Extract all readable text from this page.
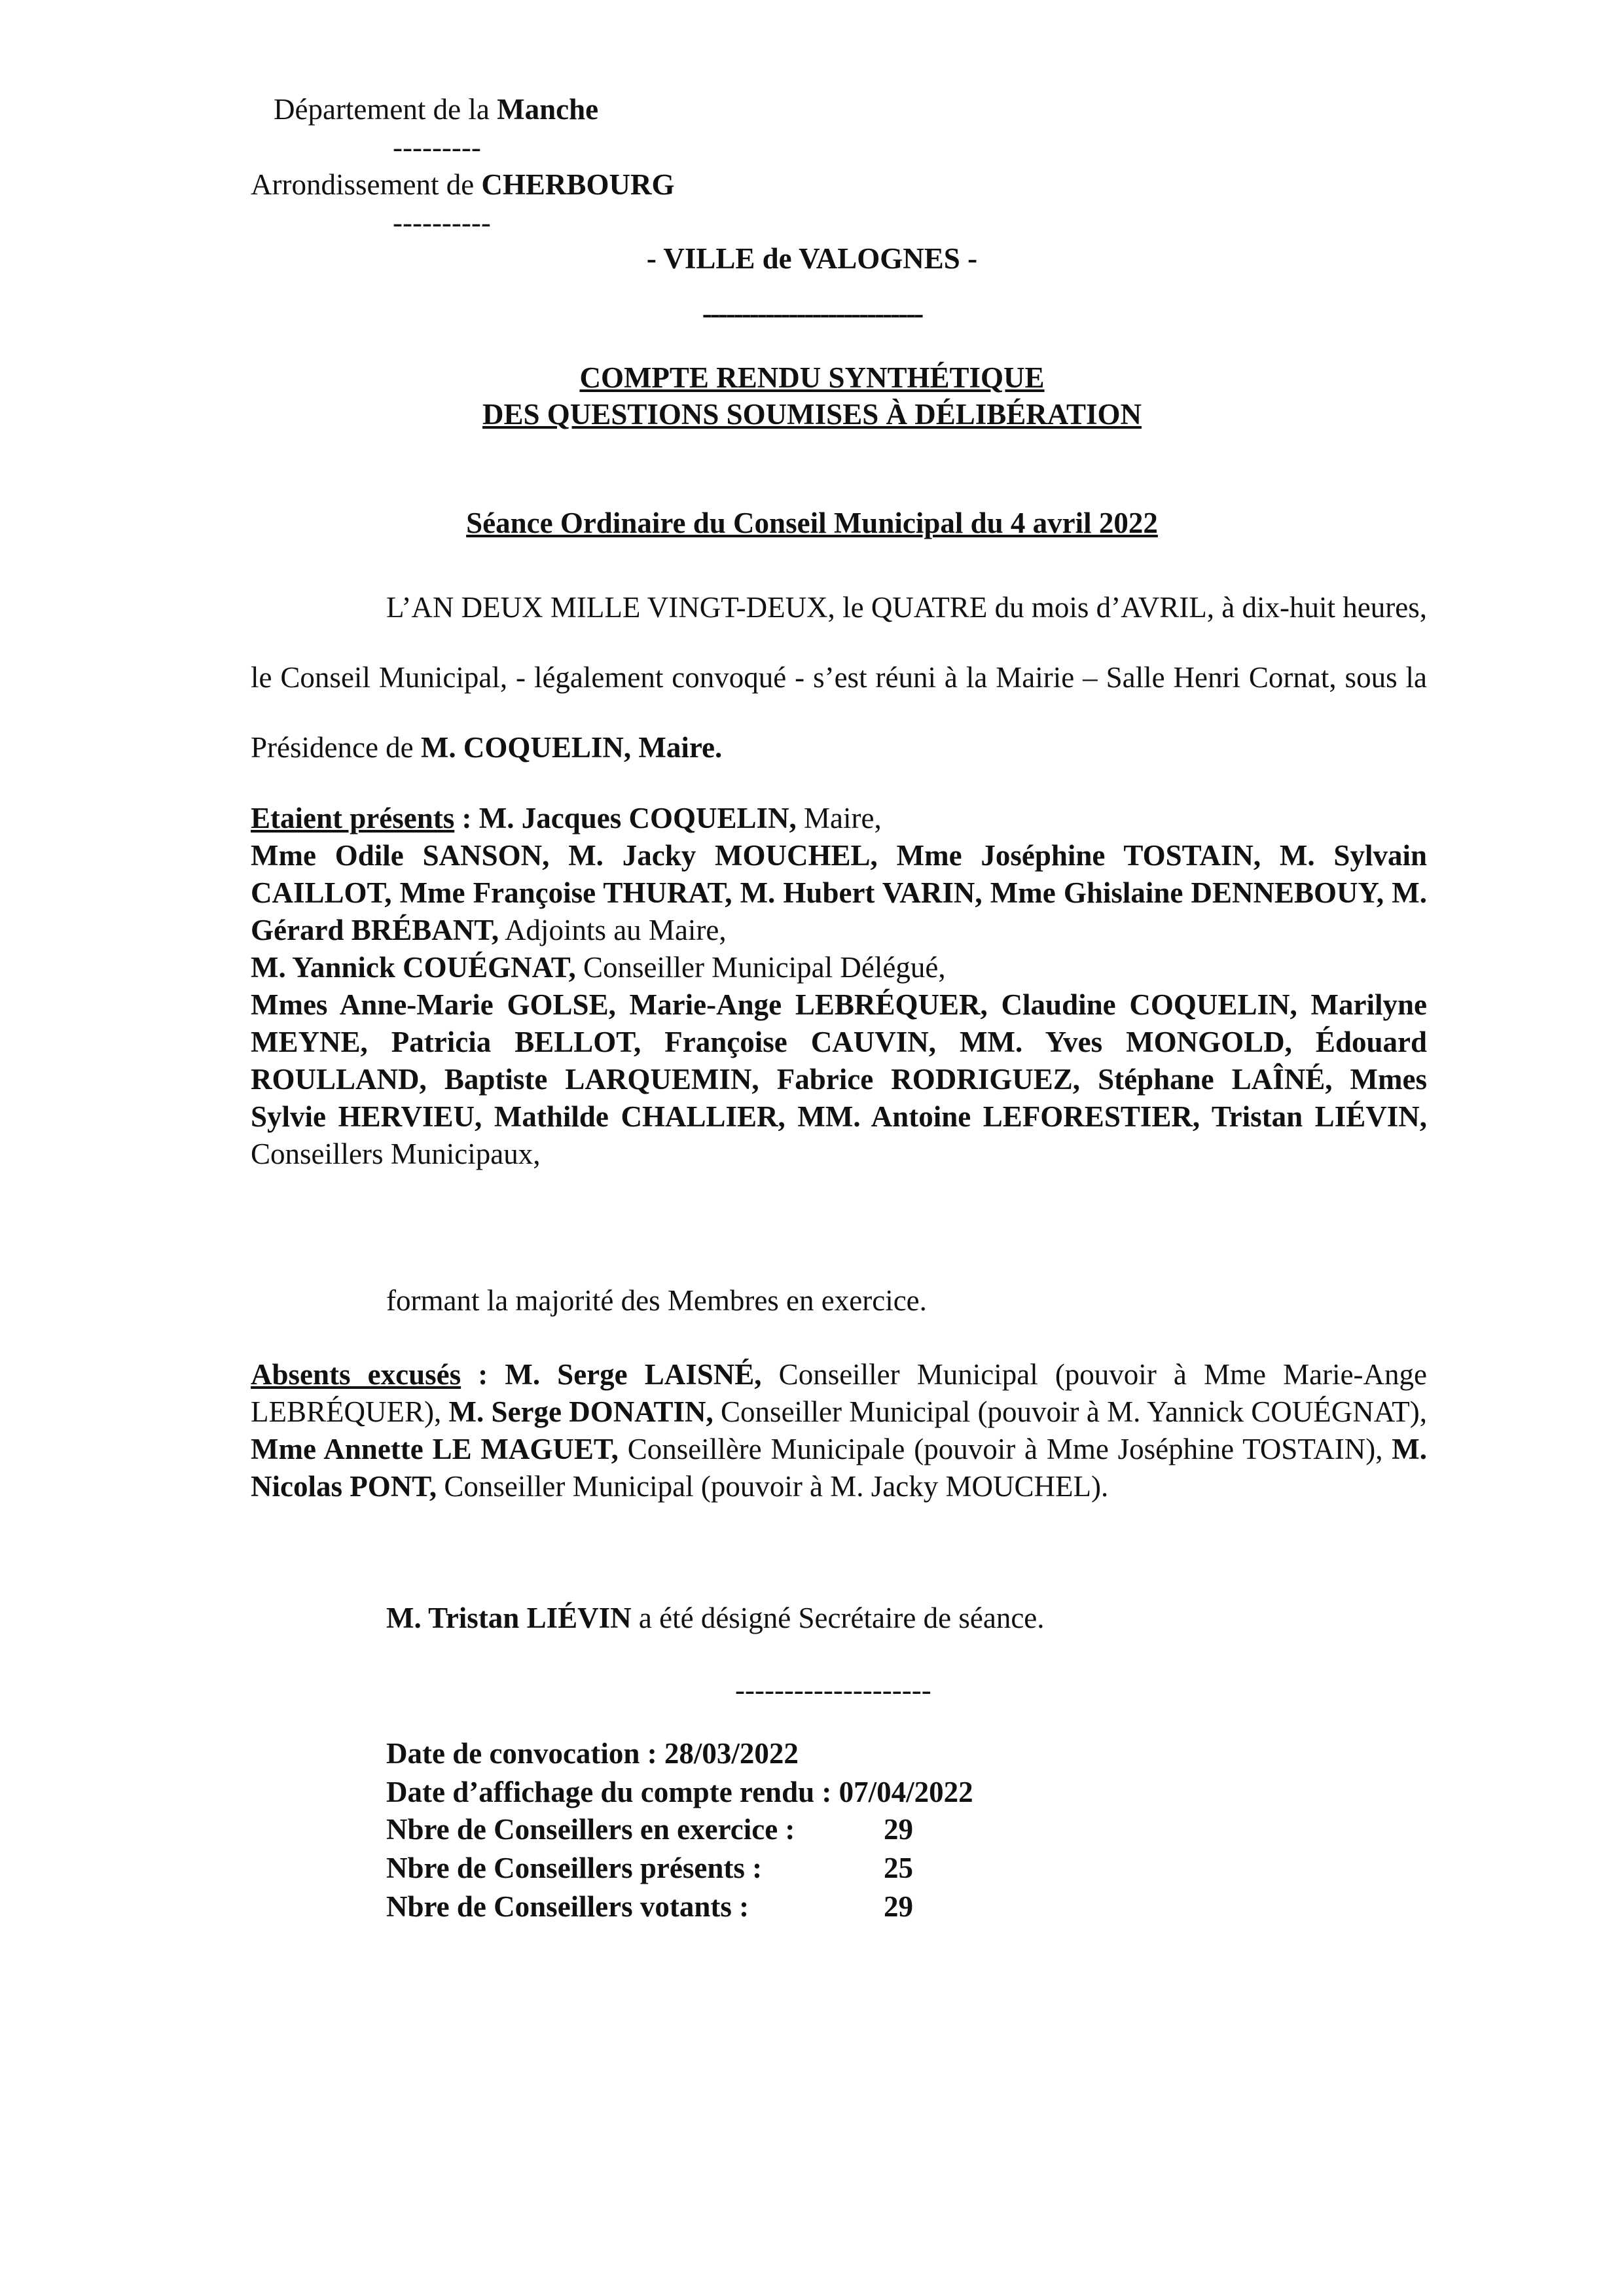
Département de la Manche
---------
Arrondissement de CHERBOURG
----------
- VILLE de VALOGNES -
----------------------------
COMPTE RENDU SYNTHÉTIQUE
DES QUESTIONS SOUMISES À DÉLIBÉRATION
Séance Ordinaire du Conseil Municipal du 4 avril 2022
L’AN DEUX MILLE VINGT-DEUX, le QUATRE du mois d’AVRIL, à dix-huit heures, le Conseil Municipal, - légalement convoqué - s’est réuni à la Mairie – Salle Henri Cornat, sous la Présidence de M. COQUELIN, Maire.
Etaient présents : M. Jacques COQUELIN, Maire,
Mme Odile SANSON, M. Jacky MOUCHEL, Mme Joséphine TOSTAIN, M. Sylvain CAILLOT, Mme Françoise THURAT, M. Hubert VARIN, Mme Ghislaine DENNEBOUY, M. Gérard BRÉBANT, Adjoints au Maire,
M. Yannick COUÉGNAT, Conseiller Municipal Délégué,
Mmes Anne-Marie GOLSE, Marie-Ange LEBRÉQUER, Claudine COQUELIN, Marilyne MEYNE, Patricia BELLOT, Françoise CAUVIN, MM. Yves MONGOLD, Édouard ROULLAND, Baptiste LARQUEMIN, Fabrice RODRIGUEZ, Stéphane LAÎNÉ, Mmes Sylvie HERVIEU, Mathilde CHALLIER, MM. Antoine LEFORESTIER, Tristan LIÉVIN, Conseillers Municipaux,
formant la majorité des Membres en exercice.
Absents excusés : M. Serge LAISNÉ, Conseiller Municipal (pouvoir à Mme Marie-Ange LEBRÉQUER), M. Serge DONATIN, Conseiller Municipal (pouvoir à M. Yannick COUÉGNAT), Mme Annette LE MAGUET, Conseillère Municipale (pouvoir à Mme Joséphine TOSTAIN), M. Nicolas PONT, Conseiller Municipal (pouvoir à M. Jacky MOUCHEL).
M. Tristan LIÉVIN a été désigné Secrétaire de séance.
--------------------
Date de convocation : 28/03/2022
Date d’affichage du compte rendu : 07/04/2022
Nbre de Conseillers en exercice :	29
Nbre de Conseillers présents :	25
Nbre de Conseillers votants :	29
